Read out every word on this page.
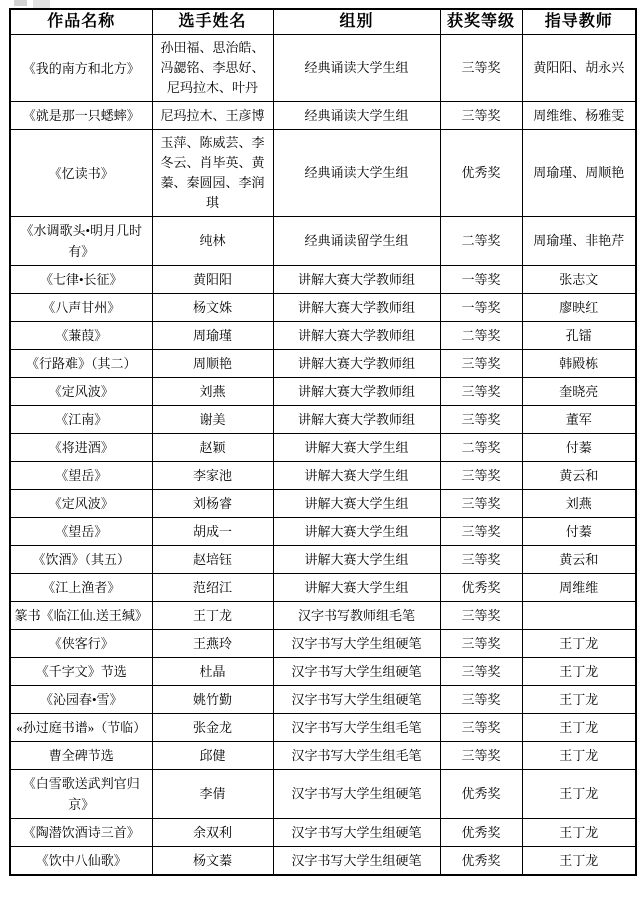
作品名称	选手姓名	组别	获奖等级	指导教师
《我的南方和北方》	孙田福、思治皓、冯勰铭、李思好、尼玛拉木、叶丹	经典诵读大学生组	三等奖	黄阳阳、胡永兴
《就是那一只蟋蟀》	尼玛拉木、王彦博	经典诵读大学生组	三等奖	周维维、杨雅雯
《忆读书》	玉萍、陈威芸、李冬云、肖毕英、黄蓁、秦圆园、李润琪	经典诵读大学生组	优秀奖	周瑜瑾、周顺艳
《水调歌头•明月几时有》	纯林	经典诵读留学生组	二等奖	周瑜瑾、非艳芹
《七律•长征》	黄阳阳	讲解大赛大学教师组	一等奖	张志文
《八声甘州》	杨文姝	讲解大赛大学教师组	一等奖	廖映红
《蒹葭》	周瑜瑾	讲解大赛大学教师组	二等奖	孔镭
《行路难》（其二）	周顺艳	讲解大赛大学教师组	三等奖	韩殿栋
《定风波》	刘燕	讲解大赛大学教师组	三等奖	奎晓亮
《江南》	谢美	讲解大赛大学教师组	三等奖	董军
《将进酒》	赵颖	讲解大赛大学生组	二等奖	付蓁
《望岳》	李家池	讲解大赛大学生组	三等奖	黄云和
《定风波》	刘杨睿	讲解大赛大学生组	三等奖	刘燕
《望岳》	胡成一	讲解大赛大学生组	三等奖	付蓁
《饮酒》（其五）	赵培钰	讲解大赛大学生组	三等奖	黄云和
《江上渔者》	范绍江	讲解大赛大学生组	优秀奖	周维维
篆书《临江仙.送王缄》	王丁龙	汉字书写教师组毛笔	三等奖	
《侠客行》	王燕玲	汉字书写大学生组硬笔	三等奖	王丁龙
《千字文》节选	杜晶	汉字书写大学生组硬笔	三等奖	王丁龙
《沁园春•雪》	姚竹勤	汉字书写大学生组硬笔	三等奖	王丁龙
«孙过庭书谱»（节临）	张金龙	汉字书写大学生组毛笔	三等奖	王丁龙
曹全碑节选	邱健	汉字书写大学生组毛笔	三等奖	王丁龙
《白雪歌送武判官归京》	李倩	汉字书写大学生组硬笔	优秀奖	王丁龙
《陶潜饮酒诗三首》	余双利	汉字书写大学生组硬笔	优秀奖	王丁龙
《饮中八仙歌》	杨文蓁	汉字书写大学生组硬笔	优秀奖	王丁龙
